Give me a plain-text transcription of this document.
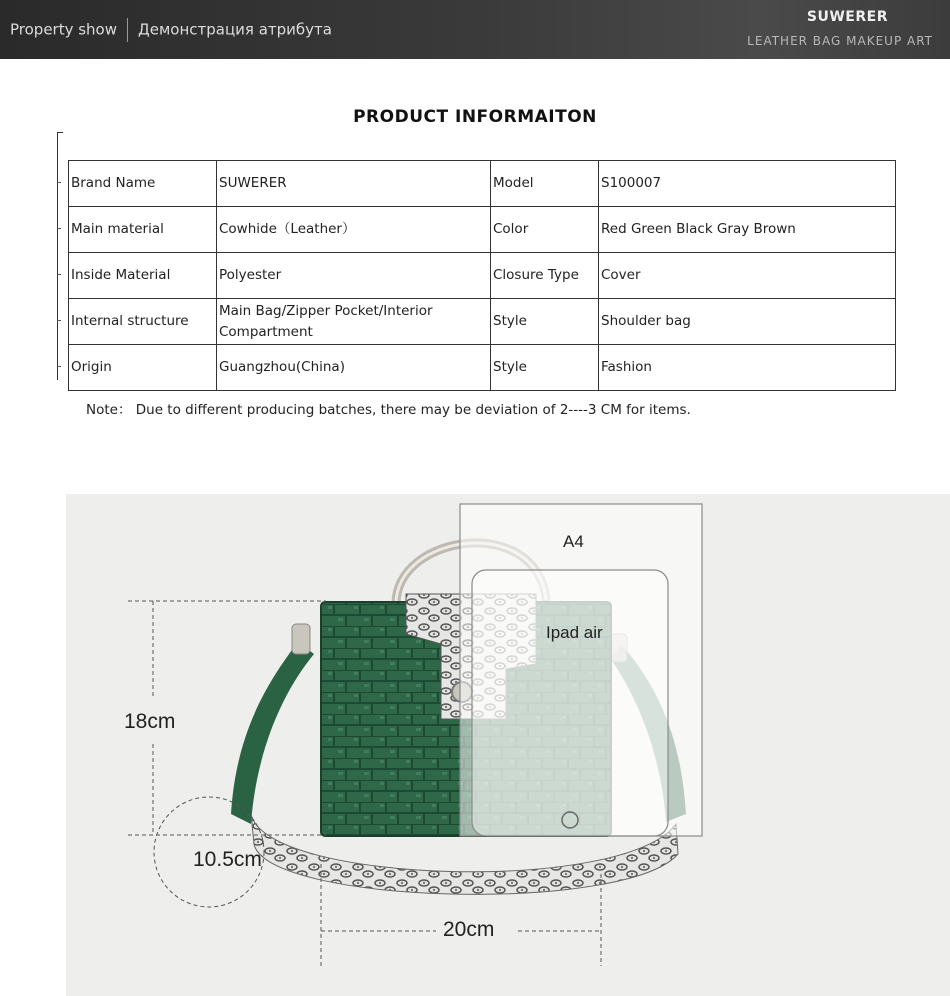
Property show Демонстрация атрибута
SUWERER
LEATHER BAG MAKEUP ART
PRODUCT INFORMAITON
Brand Name	SUWERER	Model	S100007
Main material	Cowhide（Leather）	Color	Red Green Black Gray Brown
Inside Material	Polyester	Closure Type	Cover
Internal structure	Main Bag/Zipper Pocket/Interior Compartment	Style	Shoulder bag
Origin	Guangzhou(China)	Style	Fashion
Note： Due to different producing batches, there may be deviation of 2----3 CM for items.
A4
Ipad air
18cm
10.5cm
20cm
